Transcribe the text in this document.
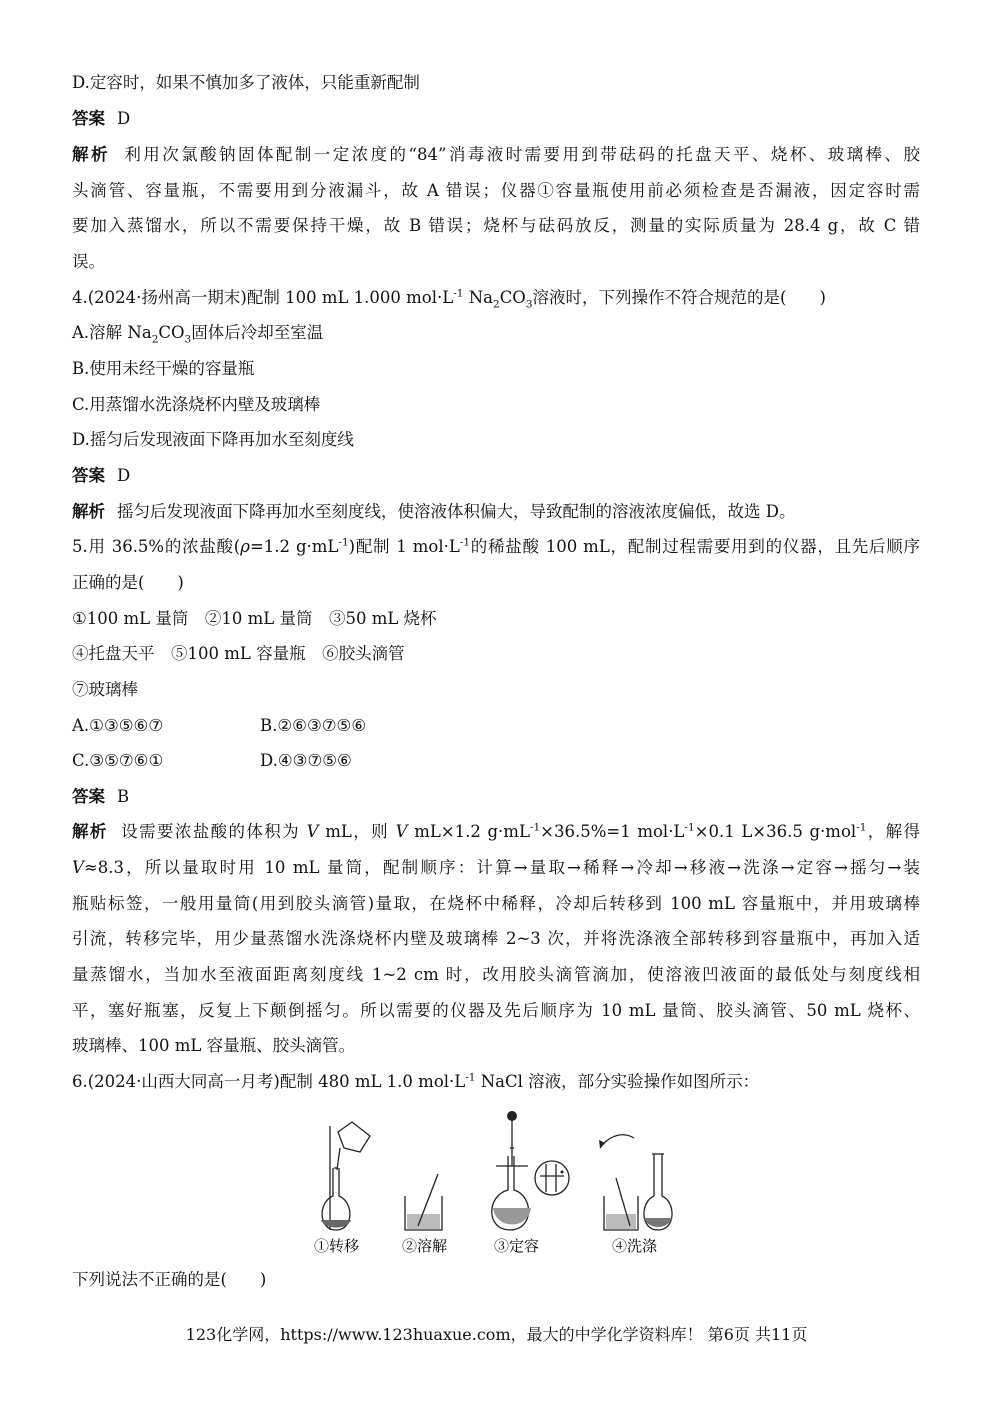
D.定容时，如果不慎加多了液体，只能重新配制
答案 D
解析 利用次氯酸钠固体配制一定浓度的“84”消毒液时需要用到带砝码的托盘天平、烧杯、玻璃棒、胶
头滴管、容量瓶，不需要用到分液漏斗，故 A 错误；仪器①容量瓶使用前必须检查是否漏液，因定容时需
要加入蒸馏水，所以不需要保持干燥，故 B 错误；烧杯与砝码放反，测量的实际质量为 28.4 g，故 C 错
误。
4.(2024·扬州高一期末)配制 100 mL 1.000 $mol\cdot L^{-1}$ $Na_2CO_3$溶液时，下列操作不符合规范的是(　　)
A.溶解 $Na_2CO_3$固体后冷却至室温
B.使用未经干燥的容量瓶
C.用蒸馏水洗涤烧杯内壁及玻璃棒
D.摇匀后发现液面下降再加水至刻度线
答案 D
解析 摇匀后发现液面下降再加水至刻度线，使溶液体积偏大，导致配制的溶液浓度偏低，故选 D。
5.用 36.5%的浓盐酸(ρ=1.2 $g\cdot mL^{-1}$)配制 1 $mol\cdot L^{-1}$的稀盐酸 100 mL，配制过程需要用到的仪器，且先后顺序
正确的是(　　)
①100 mL 量筒　②10 mL 量筒　③50 mL 烧杯
④托盘天平　⑤100 mL 容量瓶　⑥胶头滴管
⑦玻璃棒
A.①③⑤⑥⑦	B.②⑥③⑦⑤⑥
C.③⑤⑦⑥①	D.④③⑦⑤⑥
答案 B
解析 设需要浓盐酸的体积为 V mL，则 V mL×1.2 $g\cdot mL^{-1}\times 36.5\%=1$ $mol\cdot L^{-1}\times 0.1$ L×36.5 g·mol$^{-1}$，解得
V≈8.3，所以量取时用 10 mL 量筒，配制顺序：计算→量取→稀释→冷却→移液→洗涤→定容→摇匀→装
瓶贴标签，一般用量筒(用到胶头滴管)量取，在烧杯中稀释，冷却后转移到 100 mL 容量瓶中，并用玻璃棒
引流，转移完毕，用少量蒸馏水洗涤烧杯内壁及玻璃棒 2~3 次，并将洗涤液全部转移到容量瓶中，再加入适
量蒸馏水，当加水至液面距离刻度线 1~2 cm 时，改用胶头滴管滴加，使溶液凹液面的最低处与刻度线相
平，塞好瓶塞，反复上下颠倒摇匀。所以需要的仪器及先后顺序为 10 mL 量筒、胶头滴管、50 mL 烧杯、
玻璃棒、100 mL 容量瓶、胶头滴管。
6.(2024·山西大同高一月考)配制 480 mL 1.0 $mol\cdot L^{-1}$ NaCl 溶液，部分实验操作如图所示：
①转移	②溶解	③定容	④洗涤
下列说法不正确的是(　　)
123化学网，https://www.123huaxue.com，最大的中学化学资料库！ 第6页 共11页
